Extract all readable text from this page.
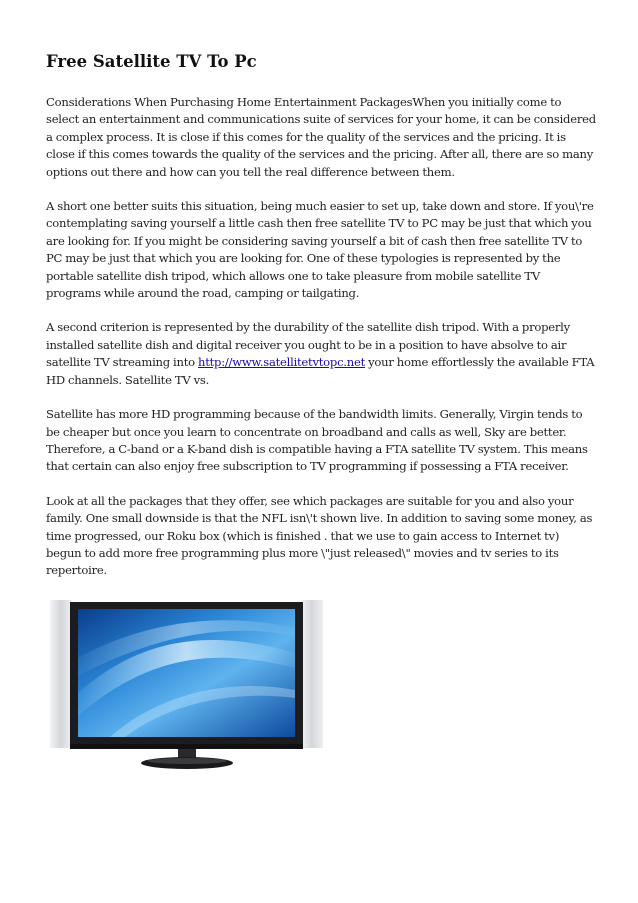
Free Satellite TV To Pc

Considerations When Purchasing Home Entertainment PackagesWhen you initially come to select an entertainment and communications suite of services for your home, it can be considered a complex process. It is close if this comes for the quality of the services and the pricing. It is close if this comes towards the quality of the services and the pricing. After all, there are so many options out there and how can you tell the real difference between them.

A short one better suits this situation, being much easier to set up, take down and store. If you\'re contemplating saving yourself a little cash then free satellite TV to PC may be just that which you are looking for. If you might be considering saving yourself a bit of cash then free satellite TV to PC may be just that which you are looking for. One of these typologies is represented by the portable satellite dish tripod, which allows one to take pleasure from mobile satellite TV programs while around the road, camping or tailgating.

A second criterion is represented by the durability of the satellite dish tripod. With a properly installed satellite dish and digital receiver you ought to be in a position to have absolve to air satellite TV streaming into http://www.satellitetvtopc.net your home effortlessly the available FTA HD channels. Satellite TV vs.

Satellite has more HD programming because of the bandwidth limits. Generally, Virgin tends to be cheaper but once you learn to concentrate on broadband and calls as well, Sky are better. Therefore, a C-band or a K-band dish is compatible having a FTA satellite TV system. This means that certain can also enjoy free subscription to TV programming if possessing a FTA receiver.

Look at all the packages that they offer, see which packages are suitable for you and also your family. One small downside is that the NFL isn\'t shown live. In addition to saving some money, as time progressed, our Roku box (which is finished . that we use to gain access to Internet tv) begun to add more free programming plus more \"just released\" movies and tv series to its repertoire.
